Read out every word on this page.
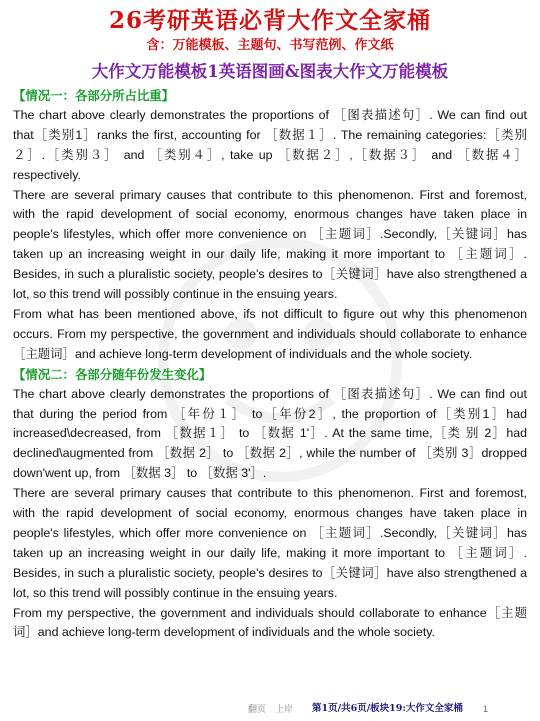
26考研英语必背大作文全家桶
含：万能模板、主题句、书写范例、作文纸
大作文万能模板1英语图画&图表大作文万能模板
【情况一：各部分所占比重】

The chart above clearly demonstrates the proportions of ［图表描述句］. We can find out that［类别1］ranks the first, accounting for ［数据１］. The remaining categories:［类别２］.［类别３］ and ［类别４］, take up ［数据２］,［数据３］ and ［数据４］respectively.

There are several primary causes that contribute to this phenomenon. First and foremost, with the rapid development of social economy, enormous changes have taken place in people's lifestyles, which offer more convenience on ［主题词］.Secondly,［关键词］has taken up an increasing weight in our daily life, making it more important to ［主题词］. Besides, in such a pluralistic society, people's desires to［关键词］have also strengthened a lot, so this trend will possibly continue in the ensuing years.

From what has been mentioned above, ifs not difficult to figure out why this phenomenon occurs. From my perspective, the government and individuals should collaborate to enhance ［主题词］and achieve long-term development of individuals and the whole society.

【情况二：各部分随年份发生变化】

The chart above clearly demonstrates the proportions of ［图表描述句］. We can find out that during the period from ［年份１］ to［年份2］, the proportion of［类别1］had increased\decreased, from ［数据１］ to ［数据 1'］. At the same time,［类 别 2］had declined\augmented from ［数据 2］ to ［数据 2］, while the number of ［类别 3］dropped down'went up, from ［数据 3］ to ［数据 3'］.

There are several primary causes that contribute to this phenomenon. First and foremost, with the rapid development of social economy, enormous changes have taken place in people's lifestyles, which offer more convenience on ［主题词］.Secondly,［关键词］has taken up an increasing weight in our daily life, making it more important to ［主题词］. Besides, in such a pluralistic society, people's desires to［关键词］have also strengthened a lot, so this trend will possibly continue in the ensuing years.

From my perspective, the government and individuals should collaborate to enhance［主题词］and achieve long-term development of individuals and the whole society.

翻页　上岸 第1页/共6页/板块19:大作文全家桶 1
